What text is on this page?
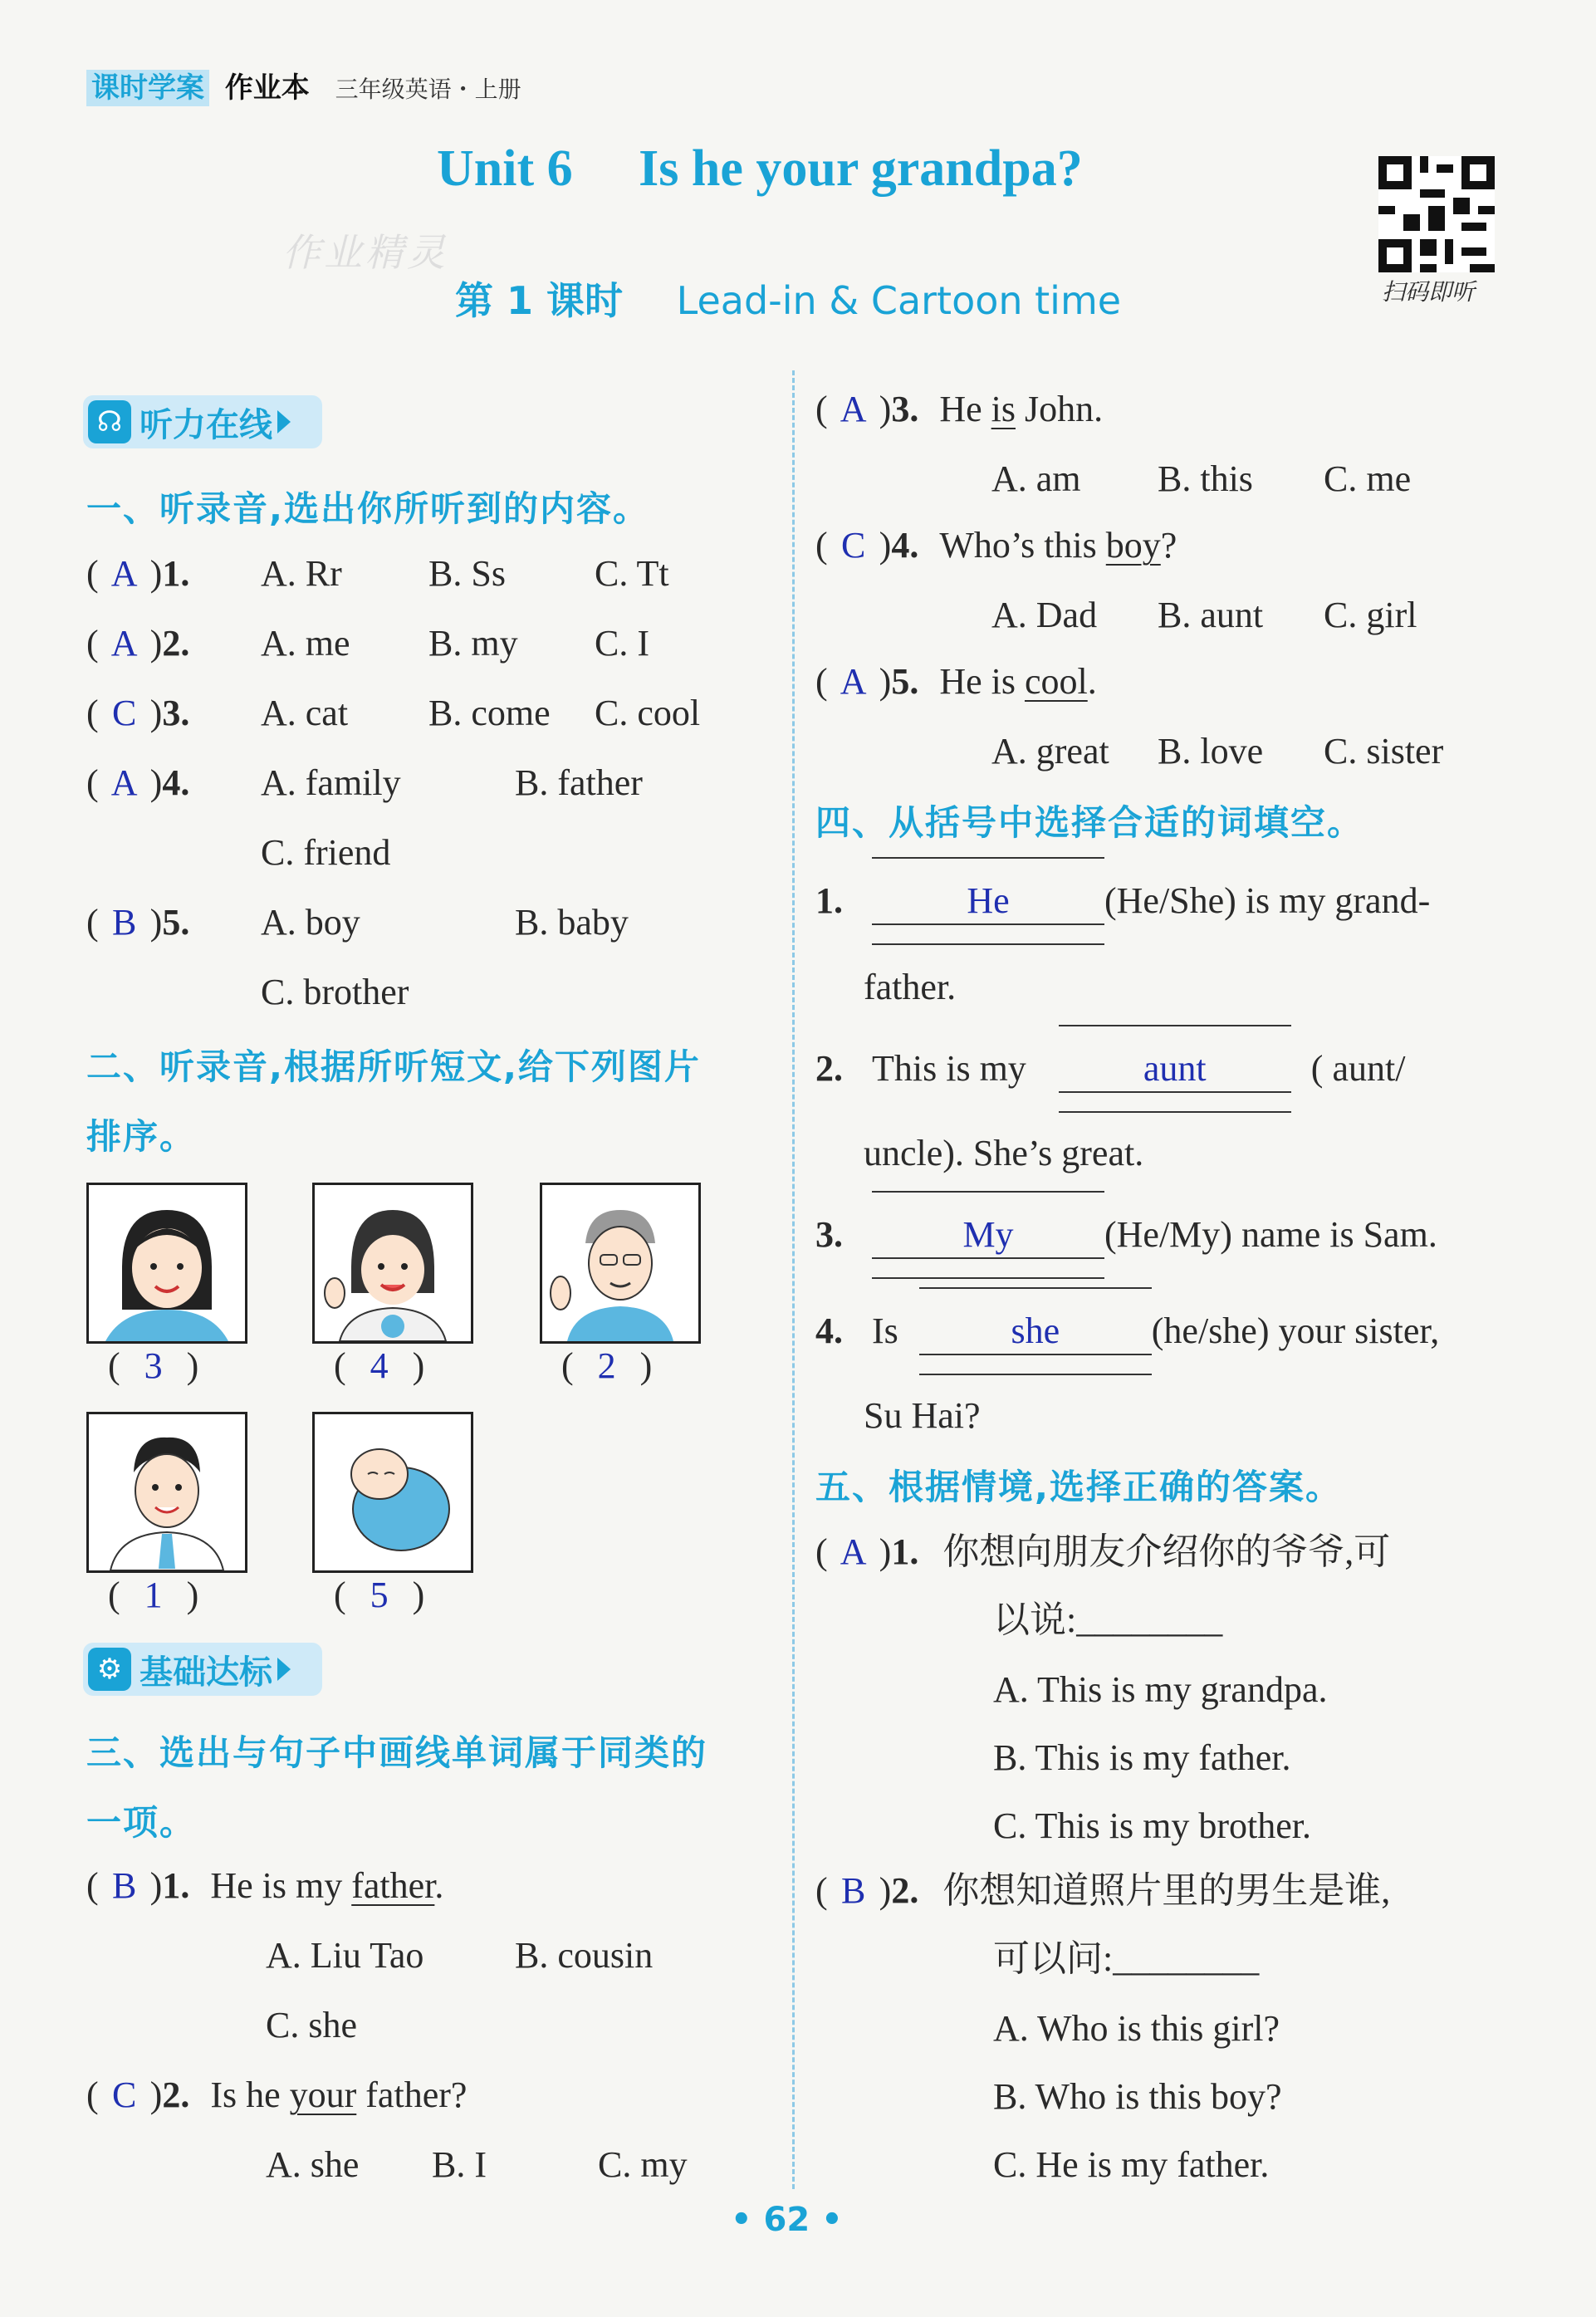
课时学案 作业本 三年级英语・上册
Unit 6 Is he your grandpa?
作业精灵
第 1 课时 Lead-in & Cartoon time	扫码即听
☊ 听力在线
一、听录音,选出你所听到的内容。
( A )1. A. Rr B. Ss C. Tt
( A )2. A. me B. my C. I
( C )3. A. cat B. come C. cool
( A )4. A. family	B. father
C. friend
( B )5. A. boy	B. baby
C. brother
二、听录音,根据所听短文,给下列图片
排序。
( 3 )	( 4 )	( 2 )
( 1 )	( 5 )
⚙ 基础达标
三、选出与句子中画线单词属于同类的
一项。
( B )1. He is my father.
A. Liu Tao B. cousin
C. she
( C )2. Is he your father?
A. she B. I	C. my
( A )3. He is John.
A. am B. this C. me
( C )4. Who’s this boy?
A. Dad B. aunt C. girl
( A )5. He is cool.
A. great B. love C. sister
四、从括号中选择合适的词填空。
1.	He	(He/She) is my grand-
father.
2. This is my	aunt	( aunt/
uncle). She’s great.
3.	My (He/My) name is Sam.
4. Is	she	(he/she) your sister,
Su Hai?
五、根据情境,选择正确的答案。
( A )1. 你想向朋友介绍你的爷爷,可
以说:________
A. This is my grandpa.
B. This is my father.
C. This is my brother.
( B )2. 你想知道照片里的男生是谁,
可以问:________
A. Who is this girl?
B. Who is this boy?
C. He is my father.
• 62 •
